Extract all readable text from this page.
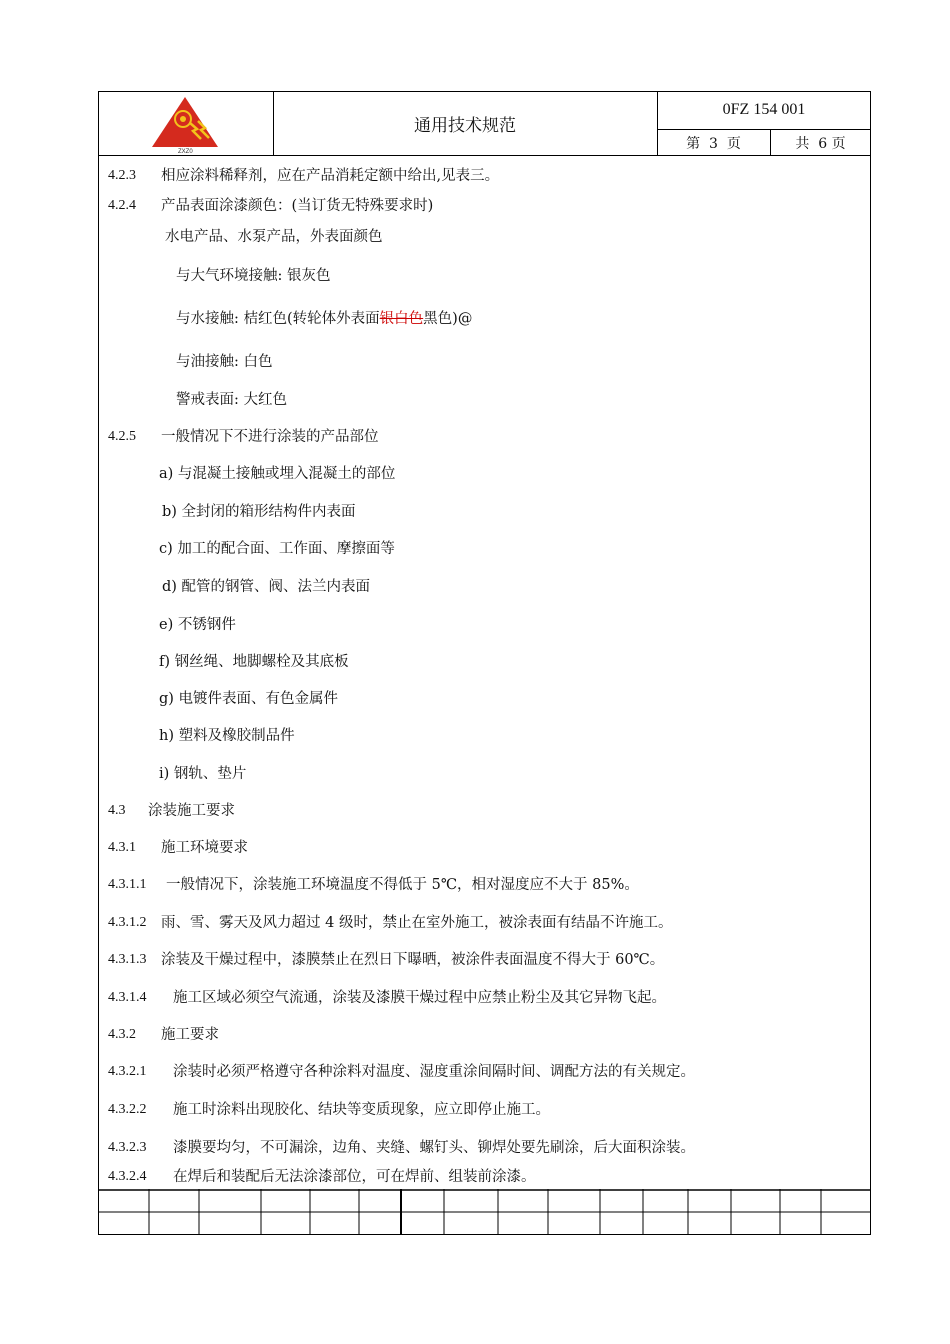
ZXZ0
通用技术规范
0FZ 154 001
第  3  页	共  6 页
4.2.3 相应涂料稀释剂，应在产品消耗定额中给出,见表三。
4.2.4 产品表面涂漆颜色：(当订货无特殊要求时)
水电产品、水泵产品，外表面颜色
与大气环境接触: 银灰色
与水接触: 桔红色(转轮体外表面银白色黑色)@
与油接触: 白色
警戒表面: 大红色
4.2.5 一般情况下不进行涂装的产品部位
a) 与混凝土接触或埋入混凝土的部位
b) 全封闭的箱形结构件内表面
c) 加工的配合面、工作面、摩擦面等
d) 配管的钢管、阀、法兰内表面
e) 不锈钢件
f) 钢丝绳、地脚螺栓及其底板
g) 电镀件表面、有色金属件
h) 塑料及橡胶制品件
i) 钢轨、垫片
4.3 涂装施工要求
4.3.1 施工环境要求
4.3.1.1 一般情况下，涂装施工环境温度不得低于 5℃，相对湿度应不大于 85%。
4.3.1.2 雨、雪、雾天及风力超过 4 级时，禁止在室外施工，被涂表面有结晶不许施工。
4.3.1.3 涂装及干燥过程中，漆膜禁止在烈日下曝晒，被涂件表面温度不得大于 60℃。
4.3.1.4 施工区域必须空气流通，涂装及漆膜干燥过程中应禁止粉尘及其它异物飞起。
4.3.2 施工要求
4.3.2.1 涂装时必须严格遵守各种涂料对温度、湿度重涂间隔时间、调配方法的有关规定。
4.3.2.2 施工时涂料出现胶化、结块等变质现象，应立即停止施工。
4.3.2.3 漆膜要均匀，不可漏涂，边角、夹缝、螺钉头、铆焊处要先刷涂，后大面积涂装。
4.3.2.4 在焊后和装配后无法涂漆部位，可在焊前、组装前涂漆。
